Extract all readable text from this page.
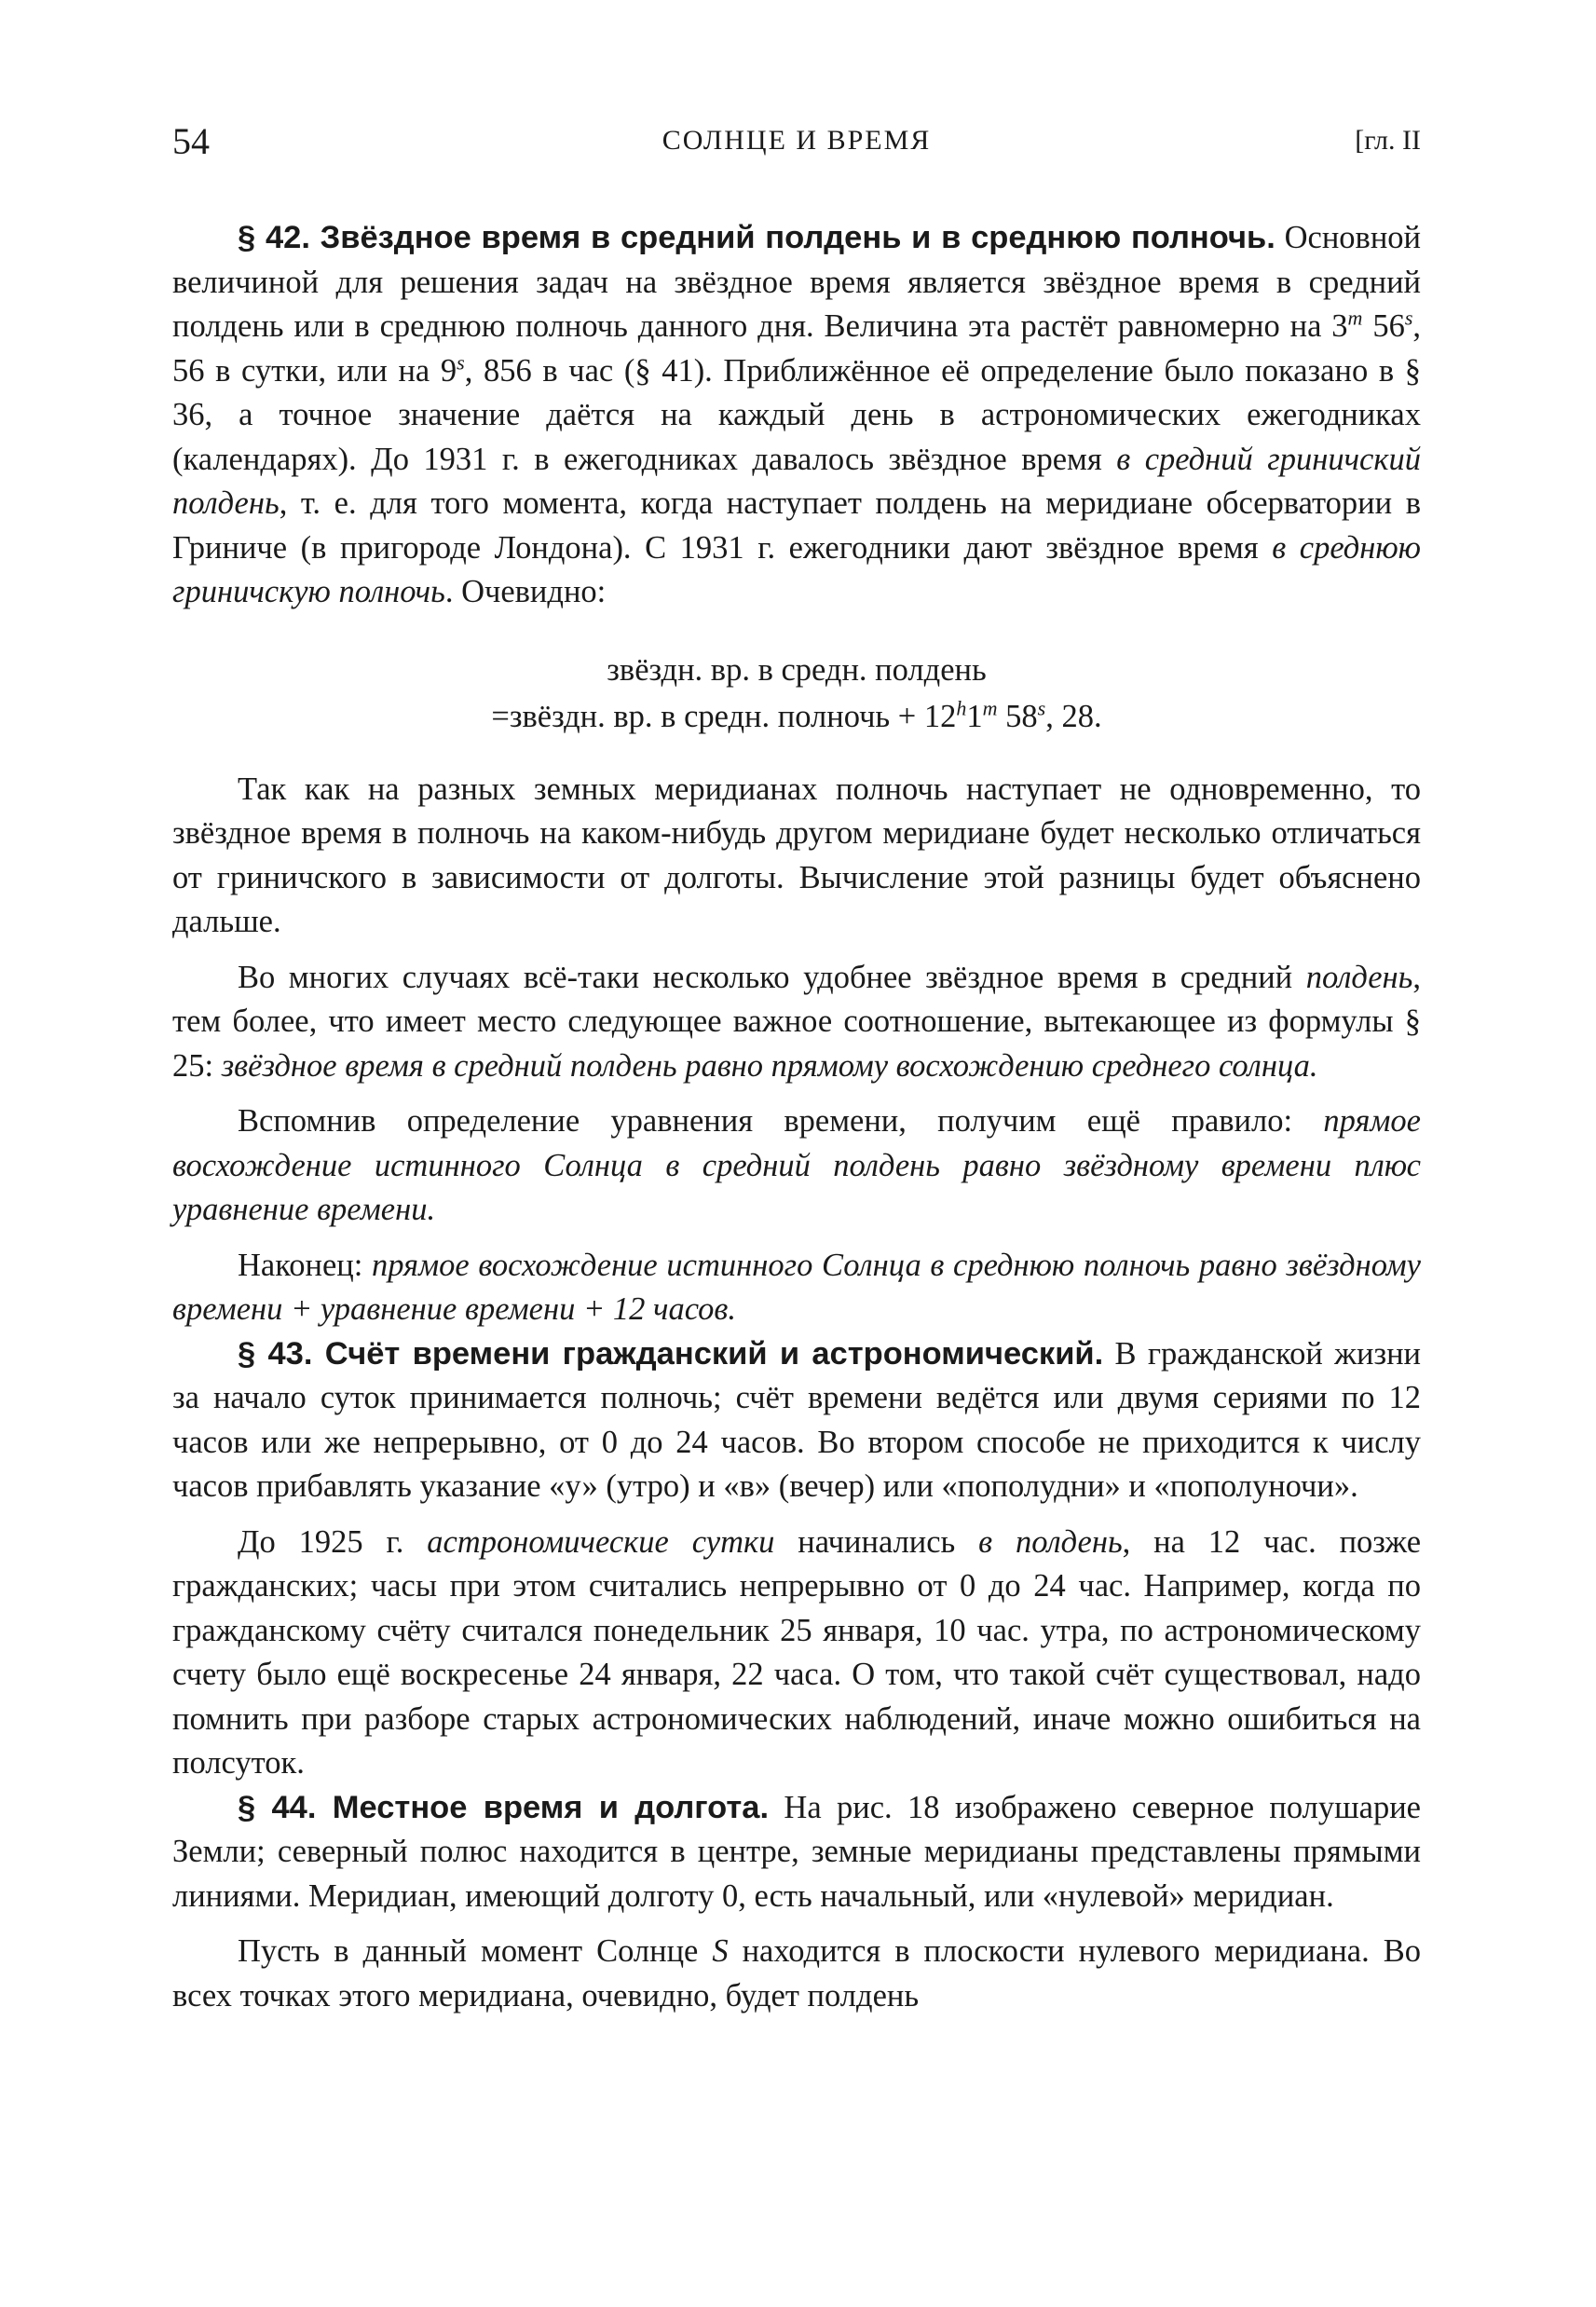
54	СОЛНЦЕ И ВРЕМЯ	[гл. II

§ 42. Звёздное время в средний полдень и в среднюю полночь. Основной величиной для решения задач на звёздное время является звёздное время в средний полдень или в среднюю полночь данного дня. Величина эта растёт равномерно на 3$^m$ 56$^s$, 56 в сутки, или на 9$^s$, 856 в час (§ 41). Приближённое её определение было показано в § 36, а точное значение даётся на каждый день в астрономических ежегодниках (календарях). До 1931 г. в ежегодниках давалось звёздное время в средний гриничский полдень, т. е. для того момента, когда наступает полдень на меридиане обсерватории в Гриниче (в пригороде Лондона). С 1931 г. ежегодники дают звёздное время в среднюю гриничскую полночь. Очевидно:

звёздн. вр. в средн. полдень
=звёздн. вр. в средн. полночь + $12^h1^m$ 58$^s$, 28.

Так как на разных земных меридианах полночь наступает не одновременно, то звёздное время в полночь на каком-нибудь другом меридиане будет несколько отличаться от гриничского в зависимости от долготы. Вычисление этой разницы будет объяснено дальше.

Во многих случаях всё-таки несколько удобнее звёздное время в средний полдень, тем более, что имеет место следующее важное соотношение, вытекающее из формулы § 25: звёздное время в средний полдень равно прямому восхождению среднего солнца.

Вспомнив определение уравнения времени, получим ещё правило: прямое восхождение истинного Солнца в средний полдень равно звёздному времени плюс уравнение времени.

Наконец: прямое восхождение истинного Солнца в среднюю полночь равно звёздному времени + уравнение времени + 12 часов.

§ 43. Счёт времени гражданский и астрономический. В гражданской жизни за начало суток принимается полночь; счёт времени ведётся или двумя сериями по 12 часов или же непрерывно, от 0 до 24 часов. Во втором способе не приходится к числу часов прибавлять указание «у» (утро) и «в» (вечер) или «пополудни» и «пополуночи».

До 1925 г. астрономические сутки начинались в полдень, на 12 час. позже гражданских; часы при этом считались непрерывно от 0 до 24 час. Например, когда по гражданскому счёту считался понедельник 25 января, 10 час. утра, по астрономическому счету было ещё воскресенье 24 января, 22 часа. О том, что такой счёт существовал, надо помнить при разборе старых астрономических наблюдений, иначе можно ошибиться на полсуток.

§ 44. Местное время и долгота. На рис. 18 изображено северное полушарие Земли; северный полюс находится в центре, земные меридианы представлены прямыми линиями. Меридиан, имеющий долготу 0, есть начальный, или «нулевой» меридиан.

Пусть в данный момент Солнце S находится в плоскости нулевого меридиана. Во всех точках этого меридиана, очевидно, будет полдень
